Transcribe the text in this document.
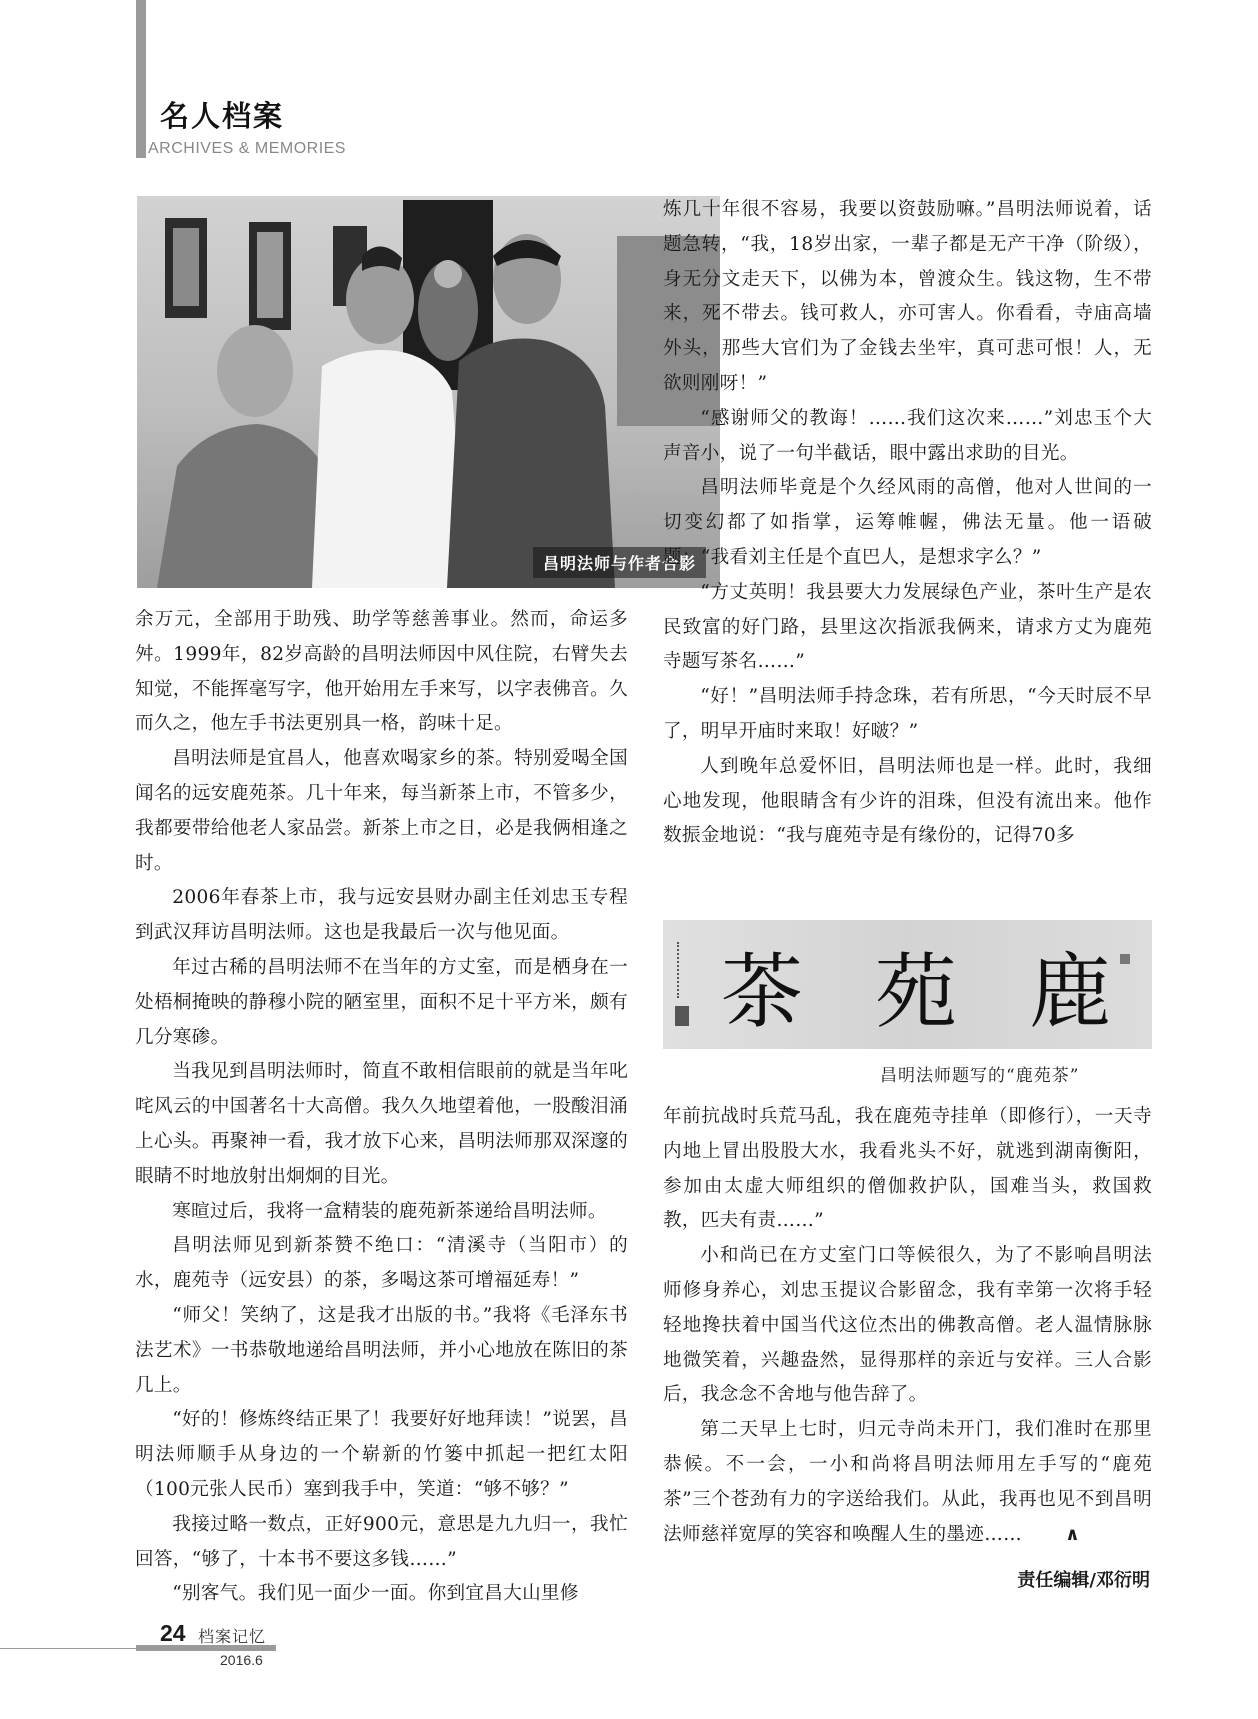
名人档案
ARCHIVES & MEMORIES
昌明法师与作者合影

余万元，全部用于助残、助学等慈善事业。然而，命运多舛。1999年，82岁高龄的昌明法师因中风住院，右臂失去知觉，不能挥毫写字，他开始用左手来写，以字表佛音。久而久之，他左手书法更别具一格，韵味十足。

昌明法师是宜昌人，他喜欢喝家乡的茶。特别爱喝全国闻名的远安鹿苑茶。几十年来，每当新茶上市，不管多少，我都要带给他老人家品尝。新茶上市之日，必是我俩相逢之时。

2006年春茶上市，我与远安县财办副主任刘忠玉专程到武汉拜访昌明法师。这也是我最后一次与他见面。

年过古稀的昌明法师不在当年的方丈室，而是栖身在一处梧桐掩映的静穆小院的陋室里，面积不足十平方米，颇有几分寒碜。

当我见到昌明法师时，简直不敢相信眼前的就是当年叱咤风云的中国著名十大高僧。我久久地望着他，一股酸泪涌上心头。再聚神一看，我才放下心来，昌明法师那双深邃的眼睛不时地放射出炯炯的目光。

寒暄过后，我将一盒精装的鹿苑新茶递给昌明法师。

昌明法师见到新茶赞不绝口：“清溪寺（当阳市）的水，鹿苑寺（远安县）的茶，多喝这茶可增福延寿！”

“师父！笑纳了，这是我才出版的书。”我将《毛泽东书法艺术》一书恭敬地递给昌明法师，并小心地放在陈旧的茶几上。

“好的！修炼终结正果了！我要好好地拜读！”说罢，昌明法师顺手从身边的一个崭新的竹篓中抓起一把红太阳（100元张人民币）塞到我手中，笑道：“够不够？”

我接过略一数点，正好900元，意思是九九归一，我忙回答，“够了，十本书不要这多钱……”

“别客气。我们见一面少一面。你到宜昌大山里修

炼几十年很不容易，我要以资鼓励嘛。”昌明法师说着，话题急转，“我，18岁出家，一辈子都是无产干净（阶级），身无分文走天下，以佛为本，曾渡众生。钱这物，生不带来，死不带去。钱可救人，亦可害人。你看看，寺庙高墙外头，那些大官们为了金钱去坐牢，真可悲可恨！人，无欲则刚呀！”

“感谢师父的教诲！……我们这次来……”刘忠玉个大声音小，说了一句半截话，眼中露出求助的目光。

昌明法师毕竟是个久经风雨的高僧，他对人世间的一切变幻都了如指掌，运筹帷幄，佛法无量。他一语破题：“我看刘主任是个直巴人，是想求字么？”

“方丈英明！我县要大力发展绿色产业，茶叶生产是农民致富的好门路，县里这次指派我俩来，请求方丈为鹿苑寺题写茶名……”

“好！”昌明法师手持念珠，若有所思，“今天时辰不早了，明早开庙时来取！好啵？”

人到晚年总爱怀旧，昌明法师也是一样。此时，我细心地发现，他眼睛含有少许的泪珠，但没有流出来。他作数振金地说：“我与鹿苑寺是有缘份的，记得70多

茶 苑 鹿
昌明法师题写的“鹿苑茶”

年前抗战时兵荒马乱，我在鹿苑寺挂单（即修行），一天寺内地上冒出股股大水，我看兆头不好，就逃到湖南衡阳，参加由太虚大师组织的僧伽救护队，国难当头，救国救教，匹夫有责……”

小和尚已在方丈室门口等候很久，为了不影响昌明法师修身养心，刘忠玉提议合影留念，我有幸第一次将手轻轻地搀扶着中国当代这位杰出的佛教高僧。老人温情脉脉地微笑着，兴趣盎然，显得那样的亲近与安祥。三人合影后，我念念不舍地与他告辞了。

第二天早上七时，归元寺尚未开门，我们准时在那里恭候。不一会，一小和尚将昌明法师用左手写的“鹿苑茶”三个苍劲有力的字送给我们。从此，我再也见不到昌明法师慈祥宽厚的笑容和唤醒人生的墨迹…… ∧

责任编辑/邓衍明
24 档案记忆
2016.6
